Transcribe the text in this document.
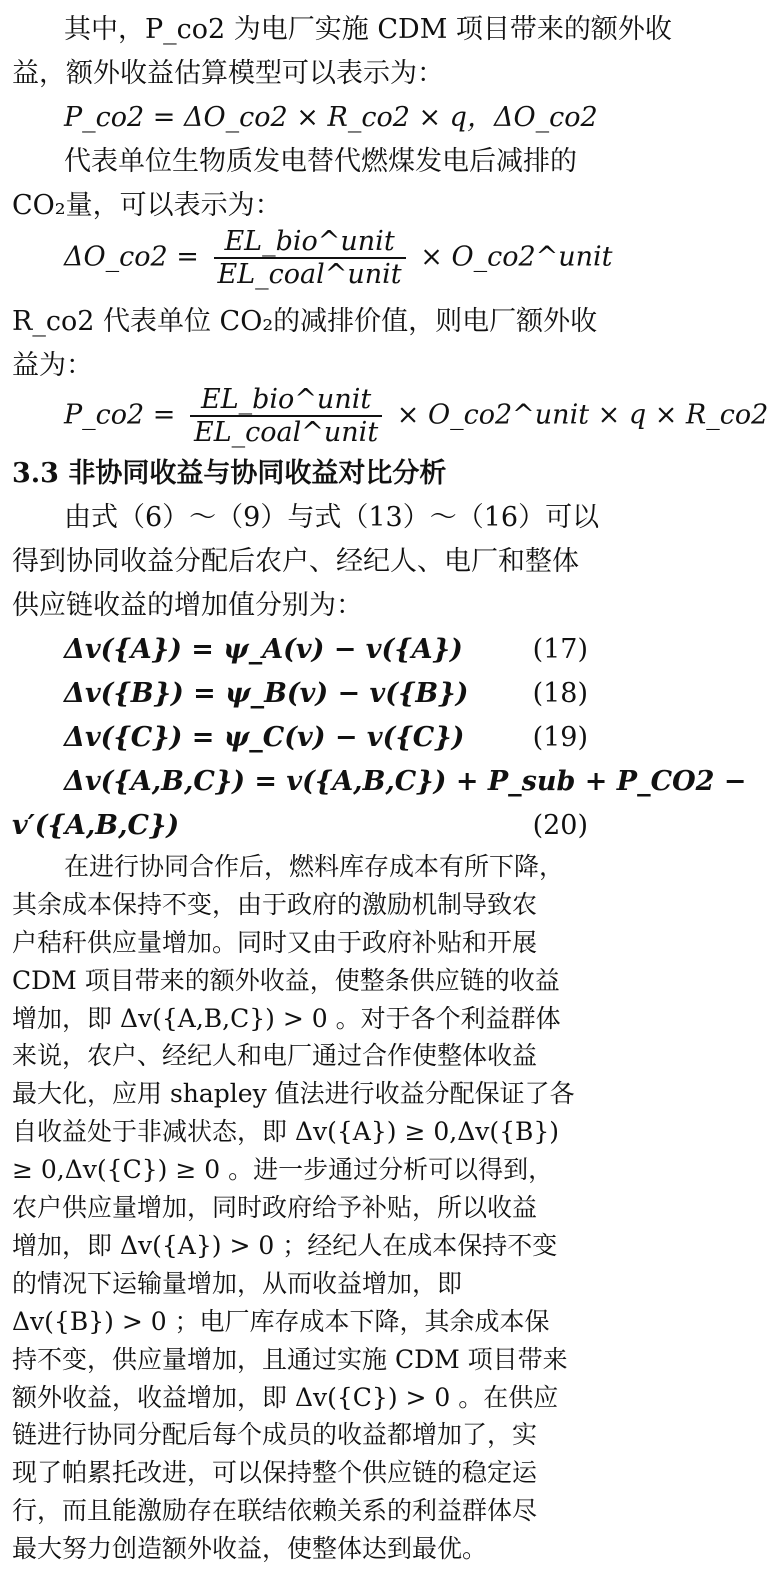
其中，P_co2 为电厂实施 CDM 项目带来的额外收
益，额外收益估算模型可以表示为：
P_co2 = ΔO_co2 × R_co2 × q，ΔO_co2
代表单位生物质发电替代燃煤发电后减排的
CO₂量，可以表示为：
ΔO_co2 = $\frac{\text{EL\_bio\textasciicircum{}unit}}{\text{EL\_coal\textasciicircum{}unit}}$ × O_co2^unit
R_co2 代表单位 CO₂的减排价值，则电厂额外收
益为：
P_co2 = $\frac{\text{EL\_bio\textasciicircum{}unit}}{\text{EL\_coal\textasciicircum{}unit}}$ × O_co2^unit × q × R_co2
3.3 非协同收益与协同收益对比分析
由式（6）～（9）与式（13）～（16）可以
得到协同收益分配后农户、经纪人、电厂和整体
供应链收益的增加值分别为：
Δv({A}) = ψ_A(v) − v({A})	(17)
Δv({B}) = ψ_B(v) − v({B}) (18)
Δv({C}) = ψ_C(v) − v({C})	(19)
Δv({A,B,C}) = v({A,B,C}) + P_sub + P_CO2 −
v′({A,B,C})	(20)
在进行协同合作后，燃料库存成本有所下降，
其余成本保持不变，由于政府的激励机制导致农
户秸秆供应量增加。同时又由于政府补贴和开展
CDM 项目带来的额外收益，使整条供应链的收益
增加，即 Δv({A,B,C}) > 0 。对于各个利益群体
来说，农户、经纪人和电厂通过合作使整体收益
最大化，应用 shapley 值法进行收益分配保证了各
自收益处于非减状态，即 Δv({A}) ≥ 0,Δv({B})
≥ 0,Δv({C}) ≥ 0 。进一步通过分析可以得到，
农户供应量增加，同时政府给予补贴，所以收益
增加，即 Δv({A}) > 0 ；经纪人在成本保持不变
的情况下运输量增加，从而收益增加，即
Δv({B}) > 0 ；电厂库存成本下降，其余成本保
持不变，供应量增加，且通过实施 CDM 项目带来
额外收益，收益增加，即 Δv({C}) > 0 。在供应
链进行协同分配后每个成员的收益都增加了，实
现了帕累托改进，可以保持整个供应链的稳定运
行，而且能激励存在联结依赖关系的利益群体尽
最大努力创造额外收益，使整体达到最优。
